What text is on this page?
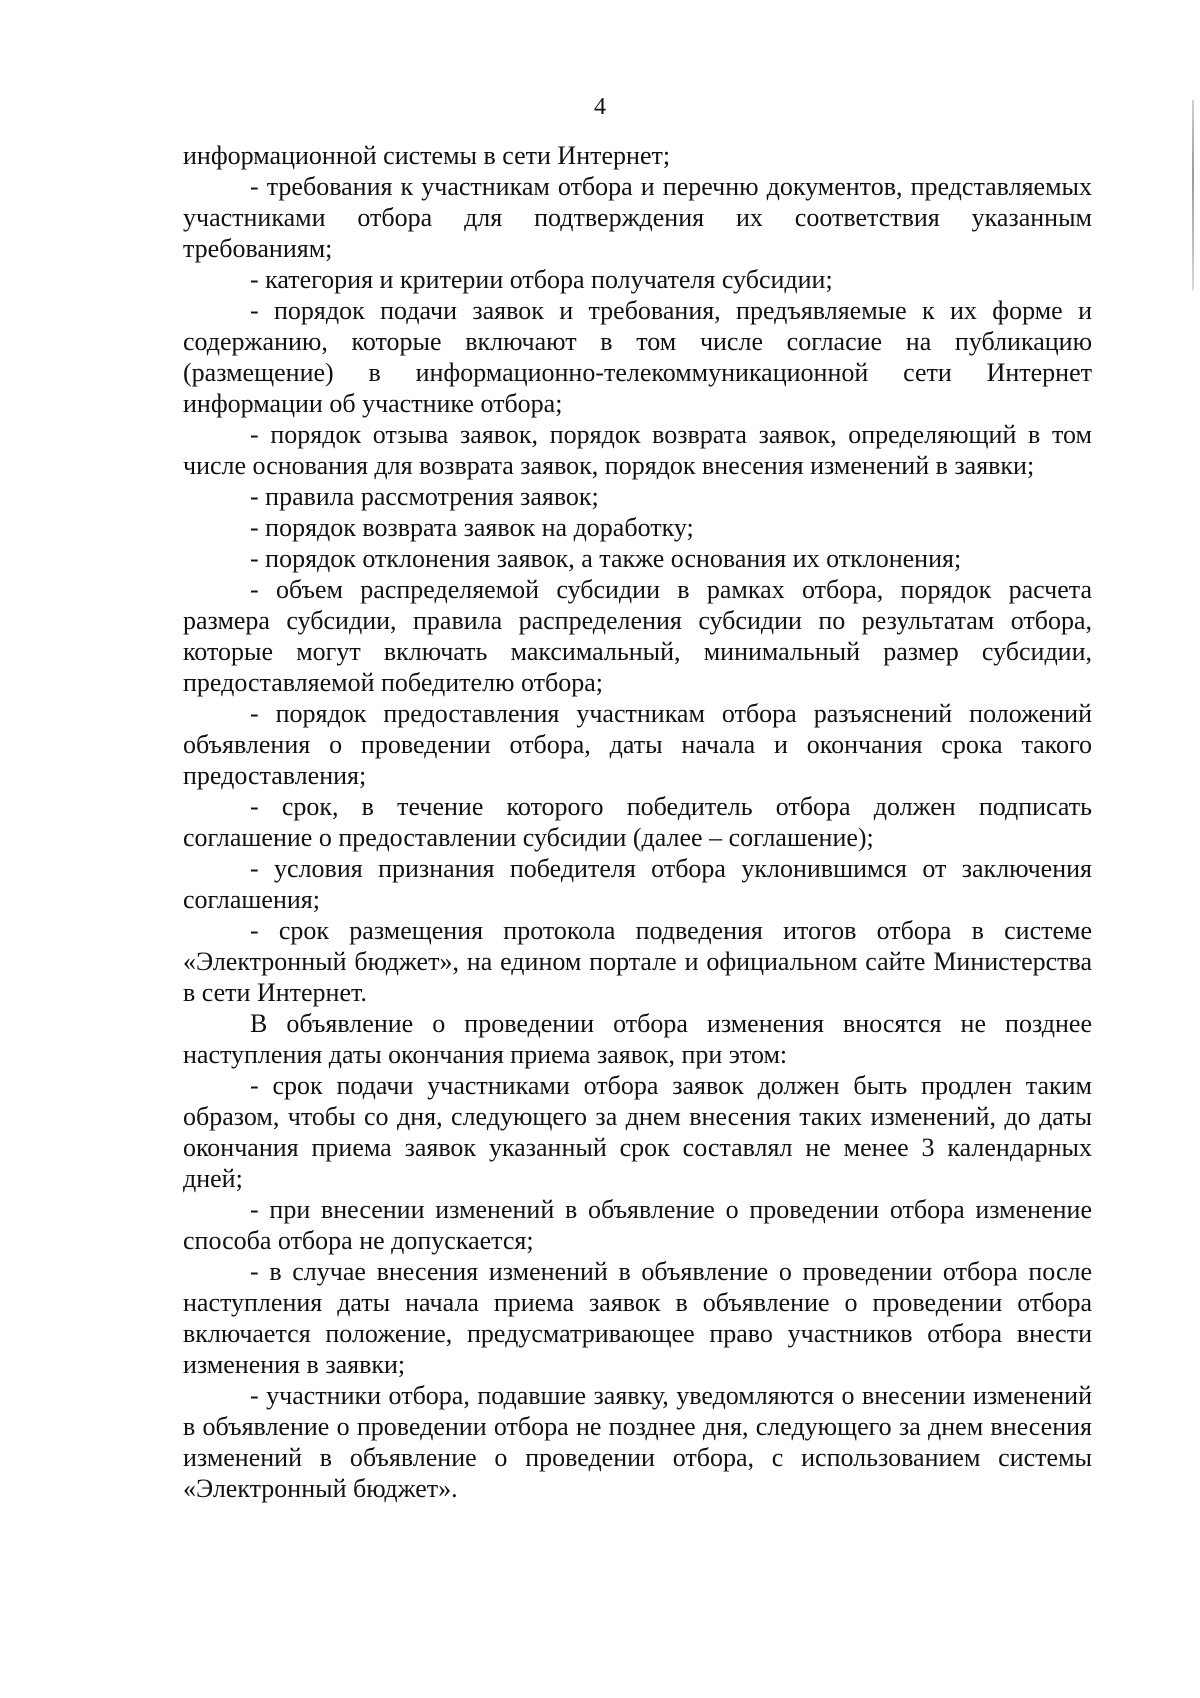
4

информационной системы в сети Интернет;

- требования к участникам отбора и перечню документов, представляемых участниками отбора для подтверждения их соответствия указанным требованиям;

- категория и критерии отбора получателя субсидии;

- порядок подачи заявок и требования, предъявляемые к их форме и содержанию, которые включают в том числе согласие на публикацию (размещение) в информационно-телекоммуникационной сети Интернет информации об участнике отбора;

- порядок отзыва заявок, порядок возврата заявок, определяющий в том числе основания для возврата заявок, порядок внесения изменений в заявки;

- правила рассмотрения заявок;

- порядок возврата заявок на доработку;

- порядок отклонения заявок, а также основания их отклонения;

- объем распределяемой субсидии в рамках отбора, порядок расчета размера субсидии, правила распределения субсидии по результатам отбора, которые могут включать максимальный, минимальный размер субсидии, предоставляемой победителю отбора;

- порядок предоставления участникам отбора разъяснений положений объявления о проведении отбора, даты начала и окончания срока такого предоставления;

- срок, в течение которого победитель отбора должен подписать соглашение о предоставлении субсидии (далее – соглашение);

- условия признания победителя отбора уклонившимся от заключения соглашения;

- срок размещения протокола подведения итогов отбора в системе «Электронный бюджет», на едином портале и официальном сайте Министерства в сети Интернет.

В объявление о проведении отбора изменения вносятся не позднее наступления даты окончания приема заявок, при этом:

- срок подачи участниками отбора заявок должен быть продлен таким образом, чтобы со дня, следующего за днем внесения таких изменений, до даты окончания приема заявок указанный срок составлял не менее 3 календарных дней;

- при внесении изменений в объявление о проведении отбора изменение способа отбора не допускается;

- в случае внесения изменений в объявление о проведении отбора после наступления даты начала приема заявок в объявление о проведении отбора включается положение, предусматривающее право участников отбора внести изменения в заявки;

- участники отбора, подавшие заявку, уведомляются о внесении изменений в объявление о проведении отбора не позднее дня, следующего за днем внесения изменений в объявление о проведении отбора, с использованием системы «Электронный бюджет».
